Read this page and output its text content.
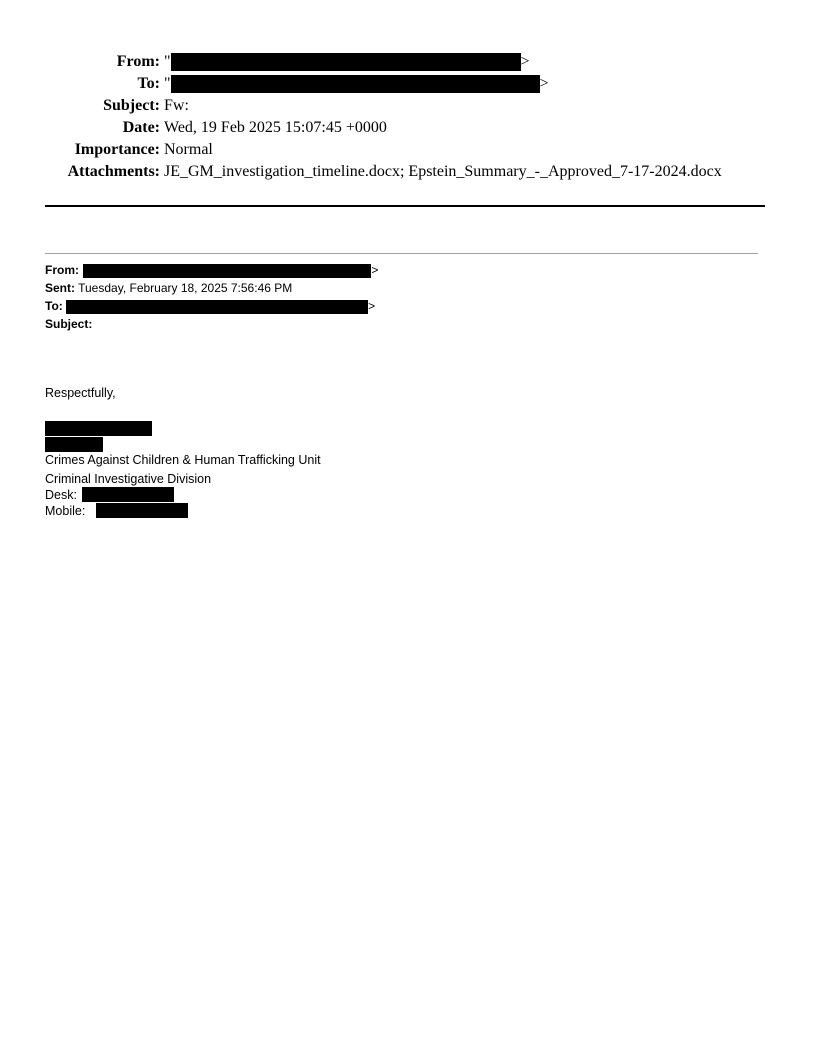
From: "	>
To: "	>
Subject: Fw:
Date: Wed, 19 Feb 2025 15:07:45 +0000
Importance: Normal
Attachments: JE_GM_investigation_timeline.docx; Epstein_Summary_-_Approved_7-17-2024.docx
From:	>
Sent: Tuesday, February 18, 2025 7:56:46 PM
To:	>
Subject:
Respectfully,
Crimes Against Children & Human Trafficking Unit
Criminal Investigative Division
Desk:
Mobile:
